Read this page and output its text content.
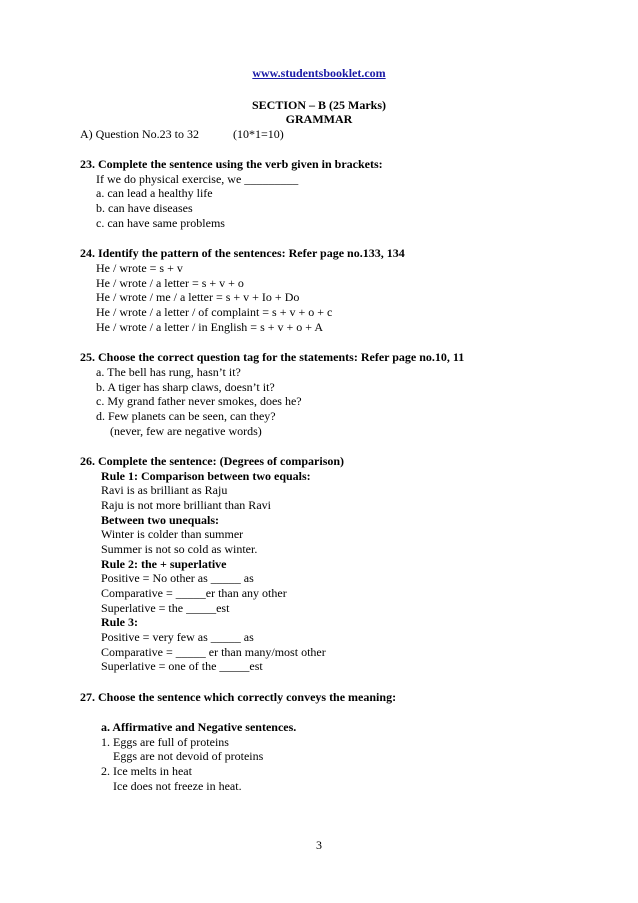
www.studentsbooklet.com
SECTION – B (25 Marks)
GRAMMAR
A) Question No.23 to 32	(10*1=10)
23. Complete the sentence using the verb given in brackets:
If we do physical exercise, we _________
a. can lead a healthy life
b. can have diseases
c. can have same problems
24. Identify the pattern of the sentences: Refer page no.133, 134
He / wrote = s + v
He / wrote / a letter = s + v + o
He / wrote / me / a letter = s + v + Io + Do
He / wrote / a letter / of complaint = s + v + o + c
He / wrote / a letter / in English = s + v + o + A
25. Choose the correct question tag for the statements: Refer page no.10, 11
a. The bell has rung, hasn’t it?
b. A tiger has sharp claws, doesn’t it?
c. My grand father never smokes, does he?
d. Few planets can be seen, can they?
(never, few are negative words)
26. Complete the sentence: (Degrees of comparison)
Rule 1: Comparison between two equals:
Ravi is as brilliant as Raju
Raju is not more brilliant than Ravi
Between two unequals:
Winter is colder than summer
Summer is not so cold as winter.
Rule 2: the + superlative
Positive = No other as _____ as
Comparative = _____er than any other
Superlative = the _____est
Rule 3:
Positive = very few as _____ as
Comparative = _____ er than many/most other
Superlative = one of the _____est
27. Choose the sentence which correctly conveys the meaning:
a. Affirmative and Negative sentences.
1. Eggs are full of proteins
Eggs are not devoid of proteins
2. Ice melts in heat
Ice does not freeze in heat.
3
